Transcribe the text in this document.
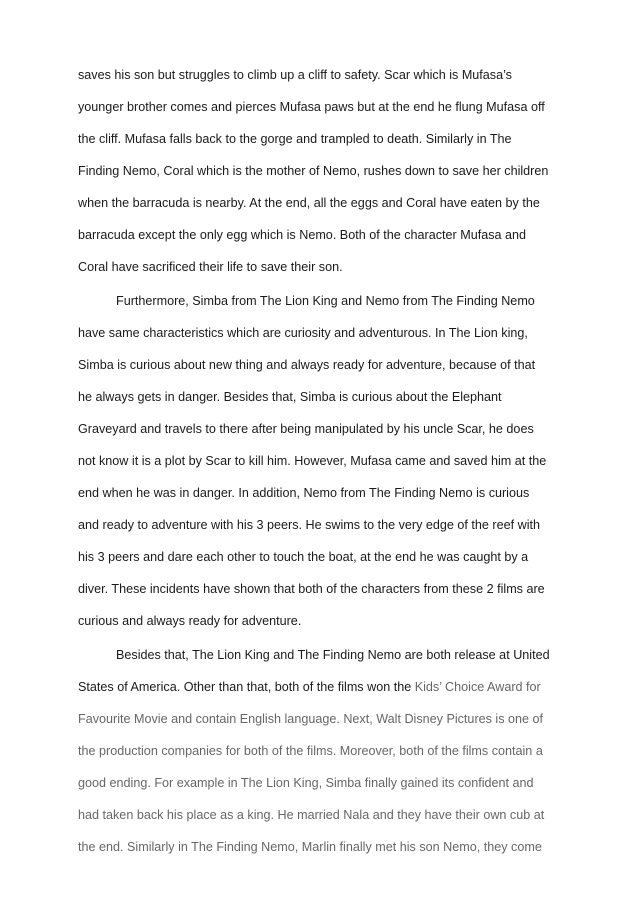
saves his son but struggles to climb up a cliff to safety. Scar which is Mufasa’s
younger brother comes and pierces Mufasa paws but at the end he flung Mufasa off
the cliff. Mufasa falls back to the gorge and trampled to death. Similarly in The
Finding Nemo, Coral which is the mother of Nemo, rushes down to save her children
when the barracuda is nearby. At the end, all the eggs and Coral have eaten by the
barracuda except the only egg which is Nemo. Both of the character Mufasa and
Coral have sacrificed their life to save their son.
Furthermore, Simba from The Lion King and Nemo from The Finding Nemo
have same characteristics which are curiosity and adventurous. In The Lion king,
Simba is curious about new thing and always ready for adventure, because of that
he always gets in danger. Besides that, Simba is curious about the Elephant
Graveyard and travels to there after being manipulated by his uncle Scar, he does
not know it is a plot by Scar to kill him. However, Mufasa came and saved him at the
end when he was in danger. In addition, Nemo from The Finding Nemo is curious
and ready to adventure with his 3 peers. He swims to the very edge of the reef with
his 3 peers and dare each other to touch the boat, at the end he was caught by a
diver. These incidents have shown that both of the characters from these 2 films are
curious and always ready for adventure.
Besides that, The Lion King and The Finding Nemo are both release at United
States of America. Other than that, both of the films won the Kids’ Choice Award for
Favourite Movie and contain English language. Next, Walt Disney Pictures is one of
the production companies for both of the films. Moreover, both of the films contain a
good ending. For example in The Lion King, Simba finally gained its confident and
had taken back his place as a king. He married Nala and they have their own cub at
the end. Similarly in The Finding Nemo, Marlin finally met his son Nemo, they come
